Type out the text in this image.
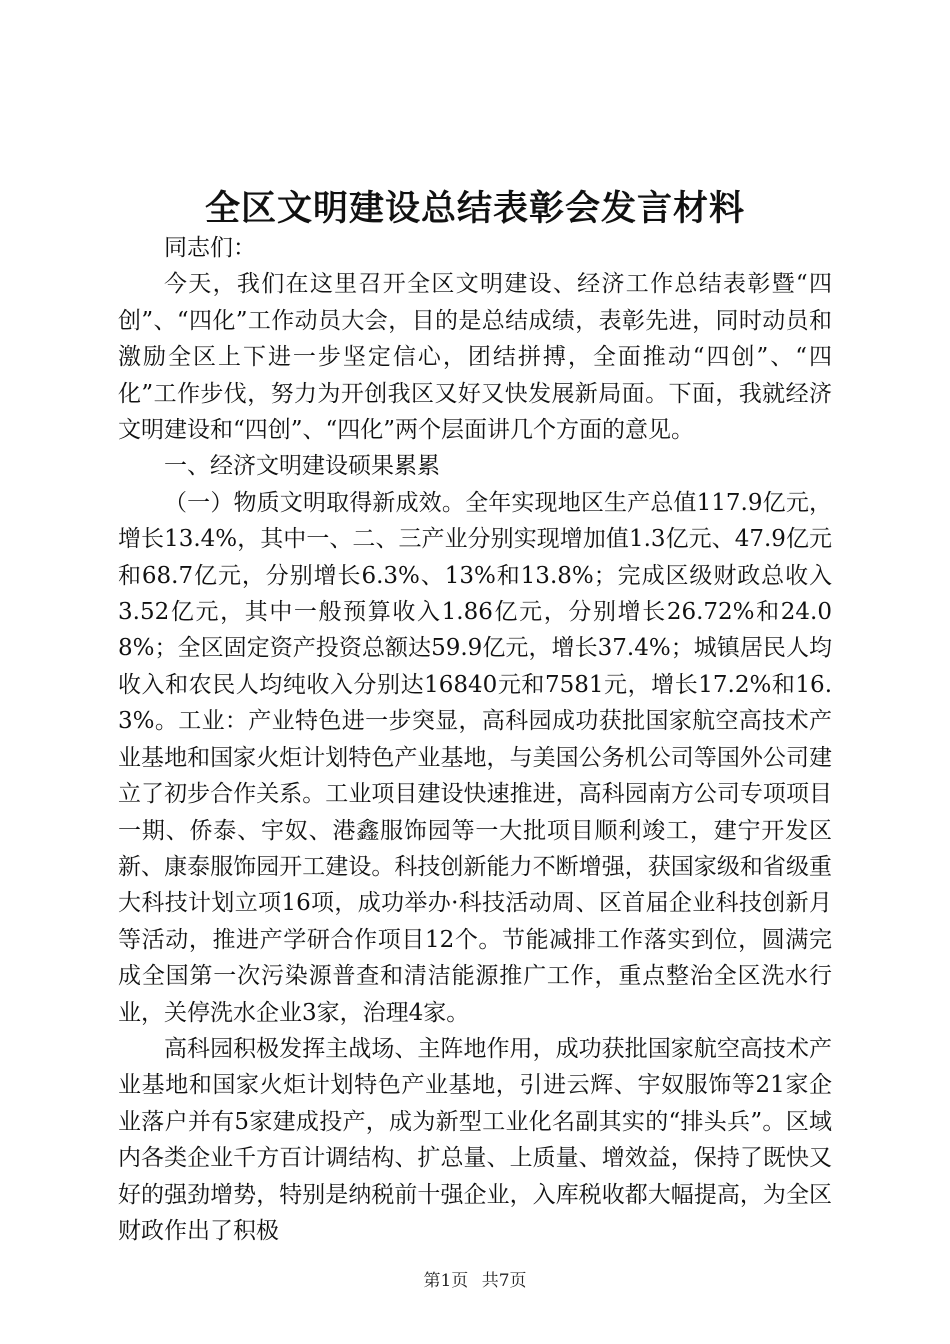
全区文明建设总结表彰会发言材料

同志们：

今天，我们在这里召开全区文明建设、经济工作总结表彰暨“四创”、“四化”工作动员大会，目的是总结成绩，表彰先进，同时动员和激励全区上下进一步坚定信心，团结拼搏，全面推动“四创”、“四化”工作步伐，努力为开创我区又好又快发展新局面。下面，我就经济文明建设和“四创”、“四化”两个层面讲几个方面的意见。

一、经济文明建设硕果累累

（一）物质文明取得新成效。全年实现地区生产总值117.9亿元，增长13.4%，其中一、二、三产业分别实现增加值1.3亿元、47.9亿元和68.7亿元，分别增长6.3%、13%和13.8%；完成区级财政总收入3.52亿元，其中一般预算收入1.86亿元，分别增长26.72%和24.08%；全区固定资产投资总额达59.9亿元，增长37.4%；城镇居民人均收入和农民人均纯收入分别达16840元和7581元，增长17.2%和16.3%。工业：产业特色进一步突显，高科园成功获批国家航空高技术产业基地和国家火炬计划特色产业基地，与美国公务机公司等国外公司建立了初步合作关系。工业项目建设快速推进，高科园南方公司专项项目一期、侨泰、宇奴、港鑫服饰园等一大批项目顺利竣工，建宁开发区新、康泰服饰园开工建设。科技创新能力不断增强，获国家级和省级重大科技计划立项16项，成功举办·科技活动周、区首届企业科技创新月等活动，推进产学研合作项目12个。节能减排工作落实到位，圆满完成全国第一次污染源普查和清洁能源推广工作，重点整治全区洗水行业，关停洗水企业3家，治理4家。

高科园积极发挥主战场、主阵地作用，成功获批国家航空高技术产业基地和国家火炬计划特色产业基地，引进云辉、宇奴服饰等21家企业落户并有5家建成投产，成为新型工业化名副其实的“排头兵”。区域内各类企业千方百计调结构、扩总量、上质量、增效益，保持了既快又好的强劲增势，特别是纳税前十强企业，入库税收都大幅提高，为全区财政作出了积极

第1页 共7页
